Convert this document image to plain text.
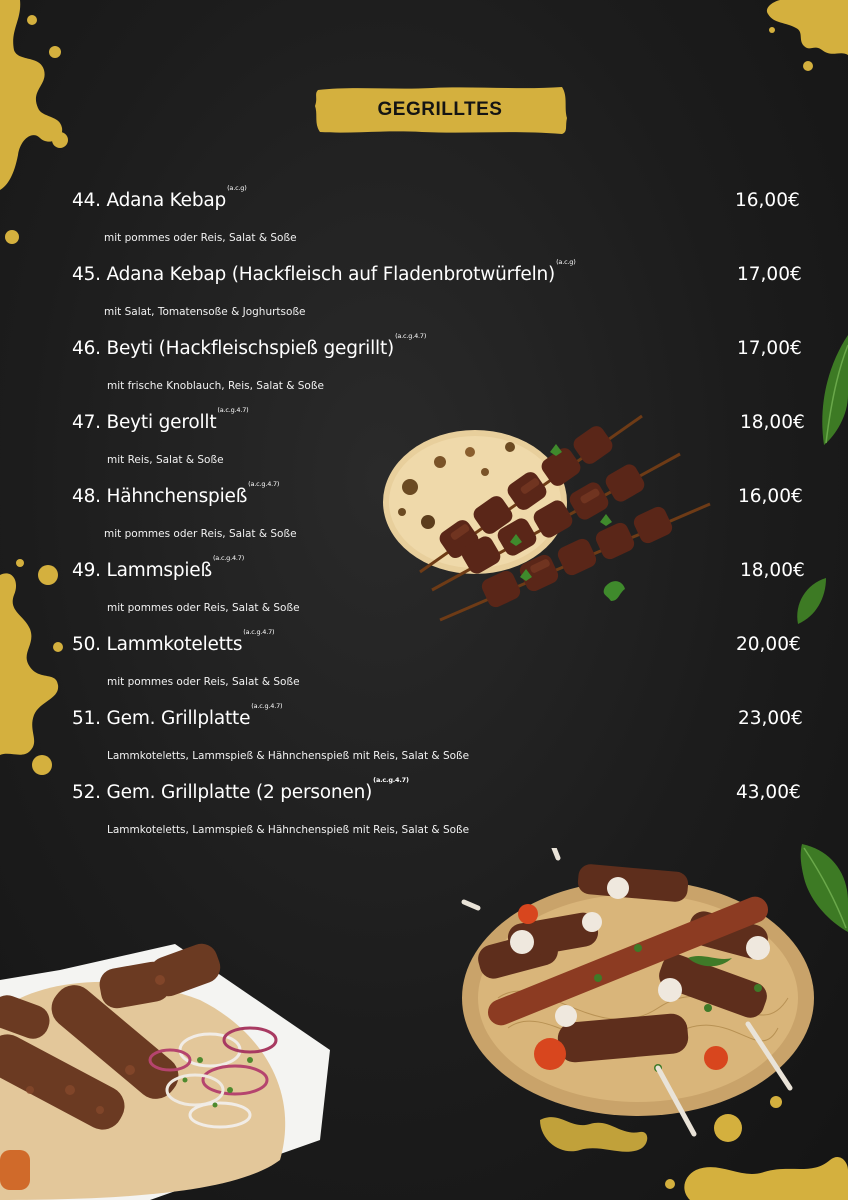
GEGRILLTES
44. Adana Kebap$^{(a.c.g)}$
16,00€
mit pommes oder Reis, Salat & Soße
45. Adana Kebap (Hackfleisch auf Fladenbrotwürfeln)$^{(a.c.g)}$
17,00€
mit Salat, Tomatensoße & Joghurtsoße
46. Beyti (Hackfleischspieß gegrillt)$^{(a.c.g.4.7)}$
17,00€
mit frische Knoblauch, Reis, Salat & Soße
47. Beyti gerollt$^{(a.c.g.4.7)}$
18,00€
mit Reis, Salat & Soße
48. Hähnchenspieß$^{(a.c.g.4.7)}$
16,00€
mit pommes oder Reis, Salat & Soße
49. Lammspieß$^{(a.c.g.4.7)}$
18,00€
mit pommes oder Reis, Salat & Soße
50. Lammkoteletts$^{(a.c.g.4.7)}$
20,00€
mit pommes oder Reis, Salat & Soße
51. Gem. Grillplatte$^{(a.c.g.4.7)}$
23,00€
Lammkoteletts, Lammspieß & Hähnchenspieß mit Reis, Salat & Soße
52. Gem. Grillplatte (2 personen)$^{(a.c.g.4.7)}$
43,00€
Lammkoteletts, Lammspieß & Hähnchenspieß mit Reis, Salat & Soße
